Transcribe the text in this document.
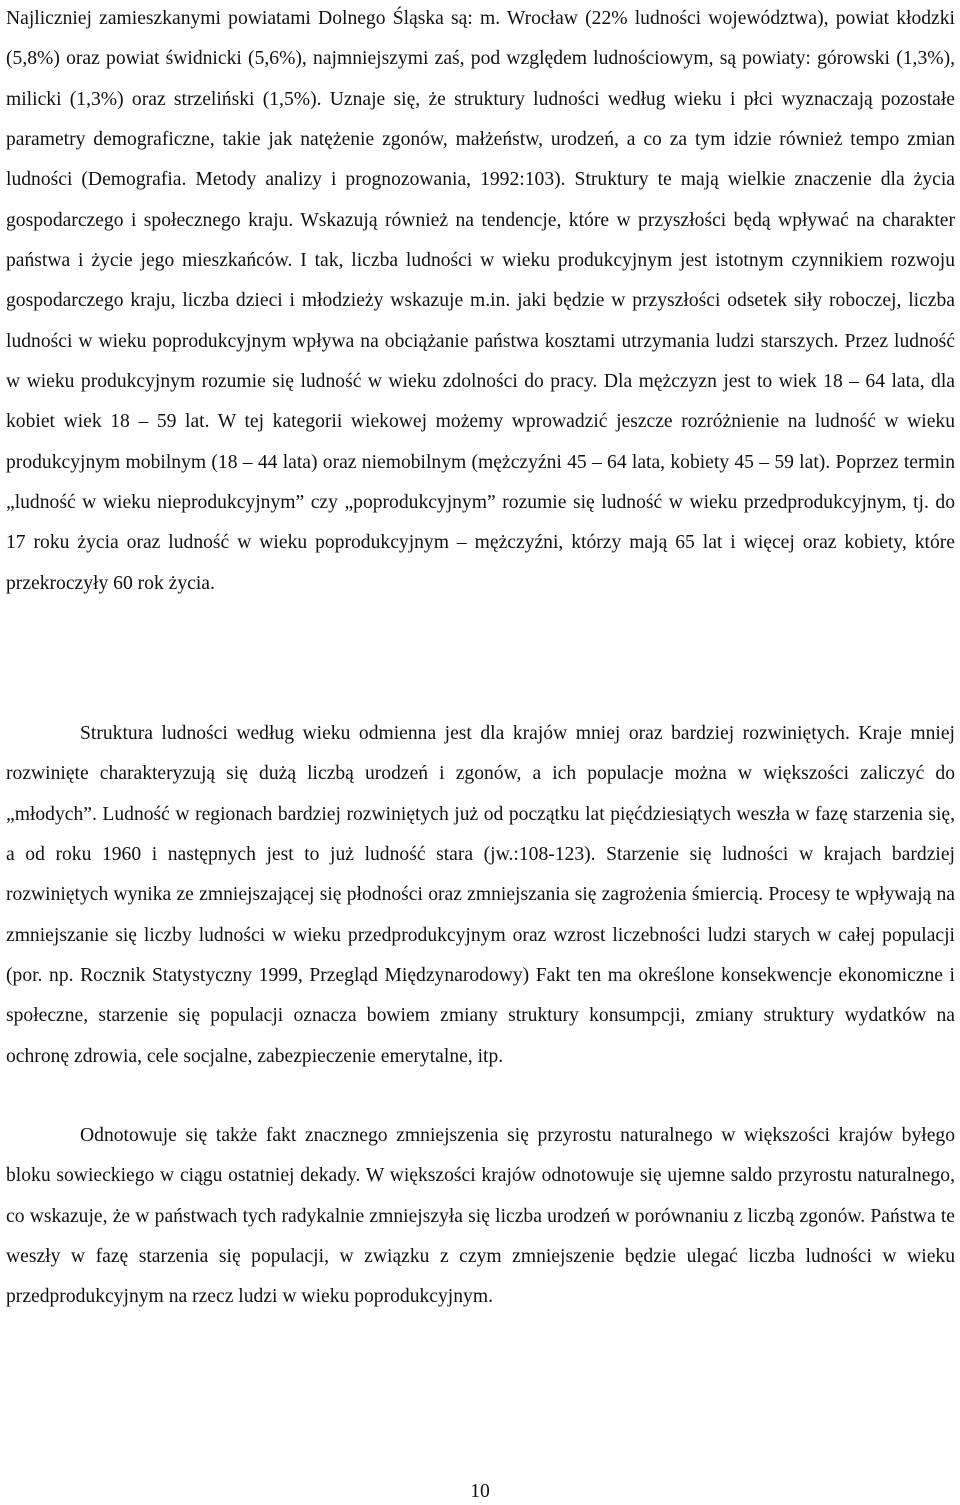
Najliczniej zamieszkanymi powiatami Dolnego Śląska są: m. Wrocław (22% ludności województwa), powiat kłodzki (5,8%) oraz powiat świdnicki (5,6%), najmniejszymi zaś, pod względem ludnościowym, są powiaty: górowski (1,3%), milicki (1,3%) oraz strzeliński (1,5%). Uznaje się, że struktury ludności według wieku i płci wyznaczają pozostałe parametry demograficzne, takie jak natężenie zgonów, małżeństw, urodzeń, a co za tym idzie również tempo zmian ludności (Demografia. Metody analizy i prognozowania, 1992:103). Struktury te mają wielkie znaczenie dla życia gospodarczego i społecznego kraju. Wskazują również na tendencje, które w przyszłości będą wpływać na charakter państwa i życie jego mieszkańców. I tak, liczba ludności w wieku produkcyjnym jest istotnym czynnikiem rozwoju gospodarczego kraju, liczba dzieci i młodzieży wskazuje m.in. jaki będzie w przyszłości odsetek siły roboczej, liczba ludności w wieku poprodukcyjnym wpływa na obciążanie państwa kosztami utrzymania ludzi starszych. Przez ludność w wieku produkcyjnym rozumie się ludność w wieku zdolności do pracy. Dla mężczyzn jest to wiek 18 – 64 lata, dla kobiet wiek 18 – 59 lat. W tej kategorii wiekowej możemy wprowadzić jeszcze rozróżnienie na ludność w wieku produkcyjnym mobilnym (18 – 44 lata) oraz niemobilnym (mężczyźni 45 – 64 lata, kobiety 45 – 59 lat). Poprzez termin „ludność w wieku nieprodukcyjnym” czy „poprodukcyjnym” rozumie się ludność w wieku przedprodukcyjnym, tj. do 17 roku życia oraz ludność w wieku poprodukcyjnym – mężczyźni, którzy mają 65 lat i więcej oraz kobiety, które przekroczyły 60 rok życia.

Struktura ludności według wieku odmienna jest dla krajów mniej oraz bardziej rozwiniętych. Kraje mniej rozwinięte charakteryzują się dużą liczbą urodzeń i zgonów, a ich populacje można w większości zaliczyć do „młodych”. Ludność w regionach bardziej rozwiniętych już od początku lat pięćdziesiątych weszła w fazę starzenia się, a od roku 1960 i następnych jest to już ludność stara (jw.:108-123). Starzenie się ludności w krajach bardziej rozwiniętych wynika ze zmniejszającej się płodności oraz zmniejszania się zagrożenia śmiercią. Procesy te wpływają na zmniejszanie się liczby ludności w wieku przedprodukcyjnym oraz wzrost liczebności ludzi starych w całej populacji (por. np. Rocznik Statystyczny 1999, Przegląd Międzynarodowy) Fakt ten ma określone konsekwencje ekonomiczne i społeczne, starzenie się populacji oznacza bowiem zmiany struktury konsumpcji, zmiany struktury wydatków na ochronę zdrowia, cele socjalne, zabezpieczenie emerytalne, itp.

Odnotowuje się także fakt znacznego zmniejszenia się przyrostu naturalnego w większości krajów byłego bloku sowieckiego w ciągu ostatniej dekady. W większości krajów odnotowuje się ujemne saldo przyrostu naturalnego, co wskazuje, że w państwach tych radykalnie zmniejszyła się liczba urodzeń w porównaniu z liczbą zgonów. Państwa te weszły w fazę starzenia się populacji, w związku z czym zmniejszenie będzie ulegać liczba ludności w wieku przedprodukcyjnym na rzecz ludzi w wieku poprodukcyjnym.

10
